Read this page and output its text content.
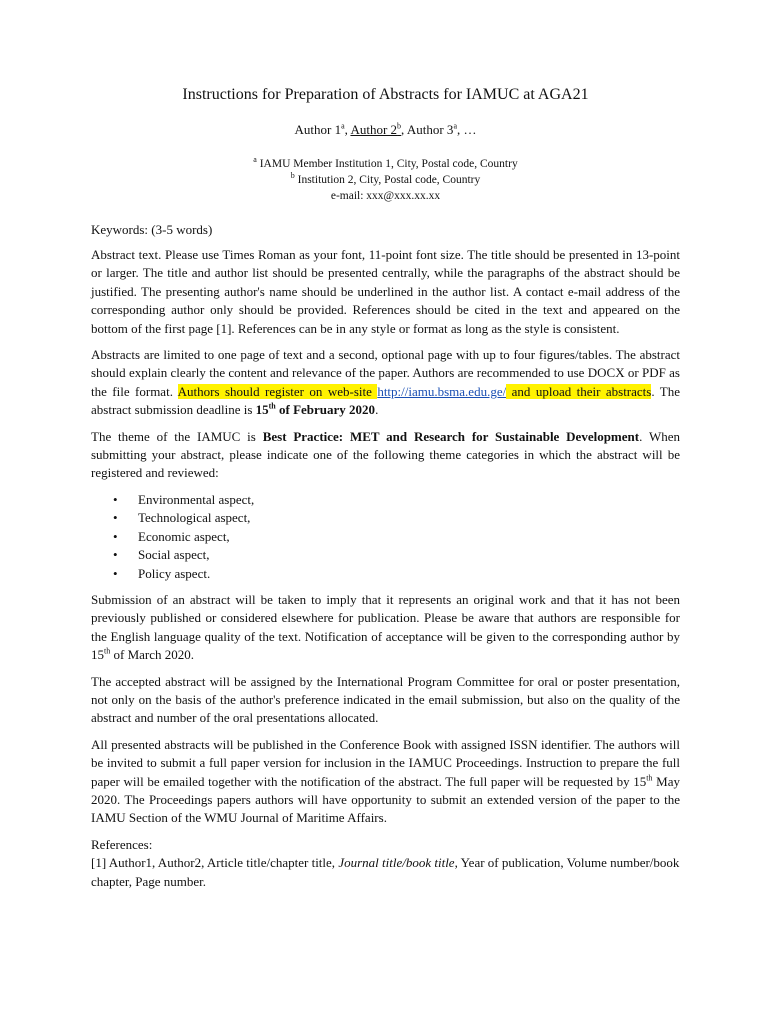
Instructions for Preparation of Abstracts for IAMUC at AGA21
Author 1$^a$, Author 2$^b$, Author 3$^a$, …
$^a$ IAMU Member Institution 1, City, Postal code, Country
$^b$ Institution 2, City, Postal code, Country
e-mail: xxx@xxx.xx.xx
Keywords: (3-5 words)

Abstract text. Please use Times Roman as your font, 11-point font size. The title should be presented in 13-point or larger. The title and author list should be presented centrally, while the paragraphs of the abstract should be justified. The presenting author's name should be underlined in the author list. A contact e-mail address of the corresponding author only should be provided. References should be cited in the text and appeared on the bottom of the first page [1]. References can be in any style or format as long as the style is consistent.

Abstracts are limited to one page of text and a second, optional page with up to four figures/tables. The abstract should explain clearly the content and relevance of the paper. Authors are recommended to use DOCX or PDF as the file format. Authors should register on web-site http://iamu.bsma.edu.ge/ and upload their abstracts. The abstract submission deadline is 15th of February 2020.

The theme of the IAMUC is Best Practice: MET and Research for Sustainable Development. When submitting your abstract, please indicate one of the following theme categories in which the abstract will be registered and reviewed:

• Environmental aspect,
• Technological aspect,
• Economic aspect,
• Social aspect,
• Policy aspect.

Submission of an abstract will be taken to imply that it represents an original work and that it has not been previously published or considered elsewhere for publication. Please be aware that authors are responsible for the English language quality of the text. Notification of acceptance will be given to the corresponding author by 15th of March 2020.

The accepted abstract will be assigned by the International Program Committee for oral or poster presentation, not only on the basis of the author's preference indicated in the email submission, but also on the quality of the abstract and number of the oral presentations allocated.

All presented abstracts will be published in the Conference Book with assigned ISSN identifier. The authors will be invited to submit a full paper version for inclusion in the IAMUC Proceedings. Instruction to prepare the full paper will be emailed together with the notification of the abstract. The full paper will be requested by 15th May 2020. The Proceedings papers authors will have opportunity to submit an extended version of the paper to the IAMU Section of the WMU Journal of Maritime Affairs.

References:
[1] Author1, Author2, Article title/chapter title, Journal title/book title, Year of publication, Volume number/book chapter, Page number.
